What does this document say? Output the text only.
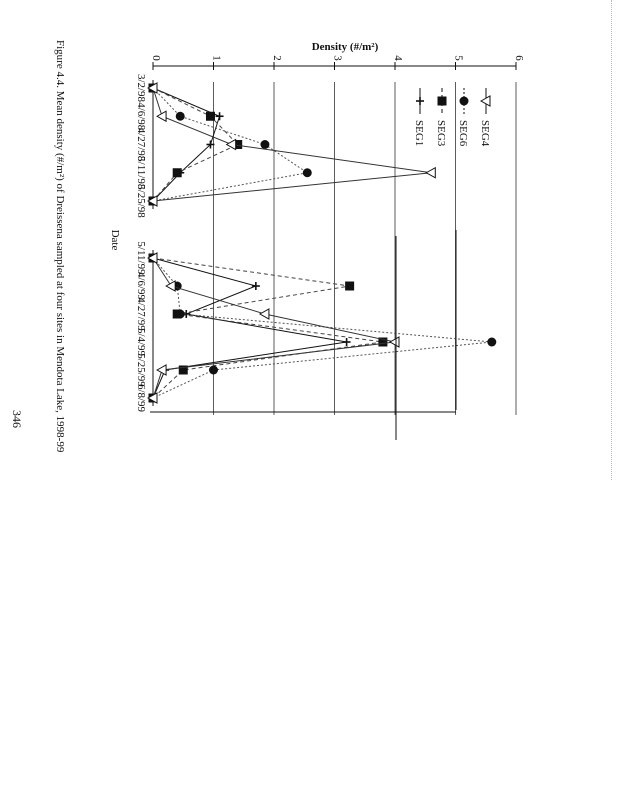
0	1	2	3	4	5	6
Density (#/m²)
Date
3/2/98
4/6/98
4/27/98
5/11/98
5/25/98
SEG4
SEG6
SEG3
SEG1
5/11/99
4/6/99
4/27/99
5/4/99
5/25/99
6/8/99
Figure 4.4. Mean density (#/m²) of Dreissena sampled at four sites in Mendota Lake, 1998-99
346
